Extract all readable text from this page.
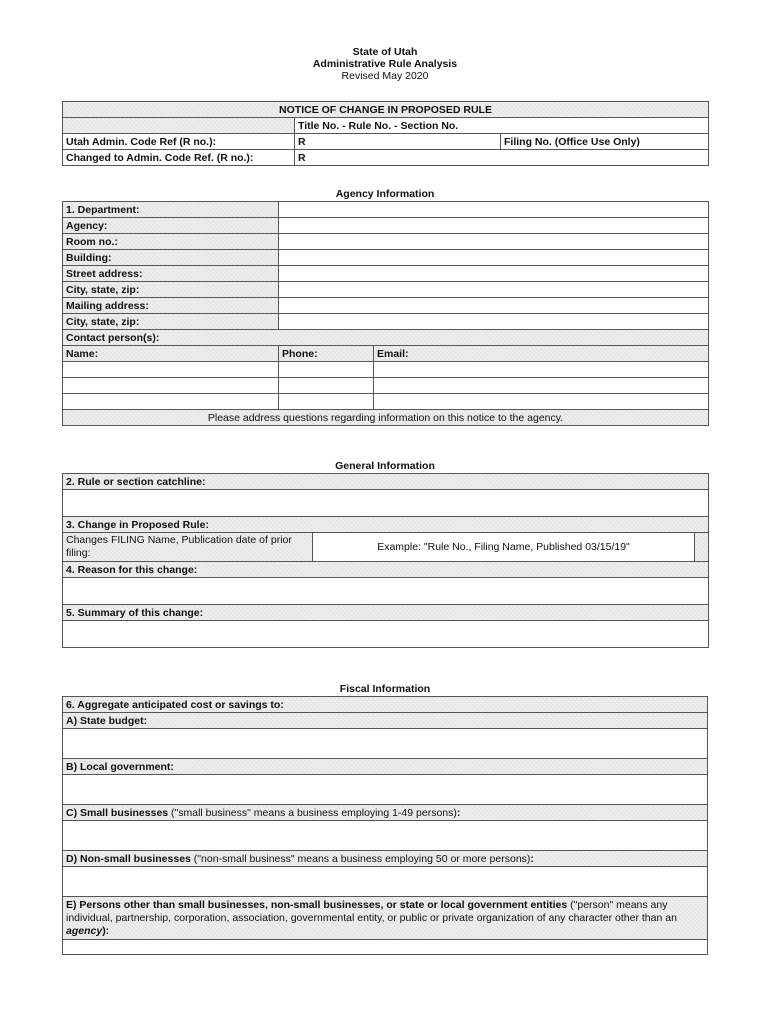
State of Utah
Administrative Rule Analysis
Revised May 2020
NOTICE OF CHANGE IN PROPOSED RULE		
	Title No. - Rule No. - Section No.	
Utah Admin. Code Ref (R no.):	R	Filing No. (Office Use Only)
Changed to Admin. Code Ref. (R no.):	R	
Agency Information
1. Department:		
Agency:		
Room no.:		
Building:		
Street address:		
City, state, zip:		
Mailing address:		
City, state, zip:		
Contact person(s):		
Name:	Phone:	Email:

Please address questions regarding information on this notice to the agency.		
General Information
2. Rule or section catchline:

3. Change in Proposed Rule:
Changes FILING Name, Publication date of prior filing:	Example: "Rule No., Filing Name, Published 03/15/19"	
4. Reason for this change:

5. Summary of this change:

Fiscal Information
6. Aggregate anticipated cost or savings to:
A) State budget:

B) Local government:

C) Small businesses ("small business" means a business employing 1-49 persons):

D) Non-small businesses ("non-small business" means a business employing 50 or more persons):

E) Persons other than small businesses, non-small businesses, or state or local government entities ("person" means any individual, partnership, corporation, association, governmental entity, or public or private organization of any character other than an agency):
